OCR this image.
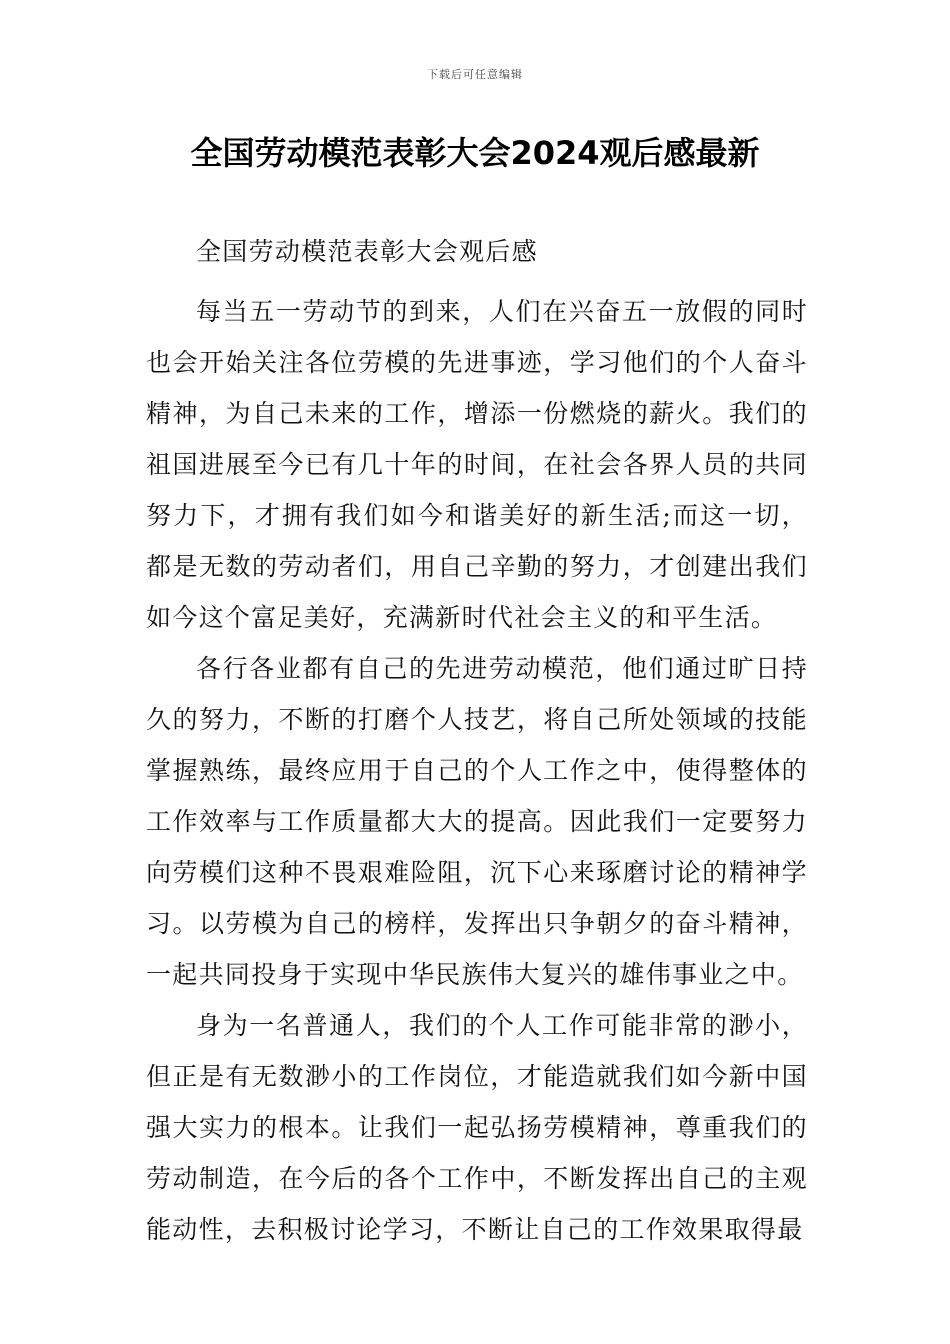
下载后可任意编辑
全国劳动模范表彰大会2024观后感最新

全国劳动模范表彰大会观后感

每当五一劳动节的到来，人们在兴奋五一放假的同时也会开始关注各位劳模的先进事迹，学习他们的个人奋斗精神，为自己未来的工作，增添一份燃烧的薪火。我们的祖国进展至今已有几十年的时间，在社会各界人员的共同努力下，才拥有我们如今和谐美好的新生活;而这一切，都是无数的劳动者们，用自己辛勤的努力，才创建出我们如今这个富足美好，充满新时代社会主义的和平生活。

各行各业都有自己的先进劳动模范，他们通过旷日持久的努力，不断的打磨个人技艺，将自己所处领域的技能掌握熟练，最终应用于自己的个人工作之中，使得整体的工作效率与工作质量都大大的提高。因此我们一定要努力向劳模们这种不畏艰难险阻，沉下心来琢磨讨论的精神学习。以劳模为自己的榜样，发挥出只争朝夕的奋斗精神，一起共同投身于实现中华民族伟大复兴的雄伟事业之中。

身为一名普通人，我们的个人工作可能非常的渺小，但正是有无数渺小的工作岗位，才能造就我们如今新中国强大实力的根本。让我们一起弘扬劳模精神，尊重我们的劳动制造，在今后的各个工作中，不断发挥出自己的主观能动性，去积极讨论学习，不断让自己的工作效果取得最
